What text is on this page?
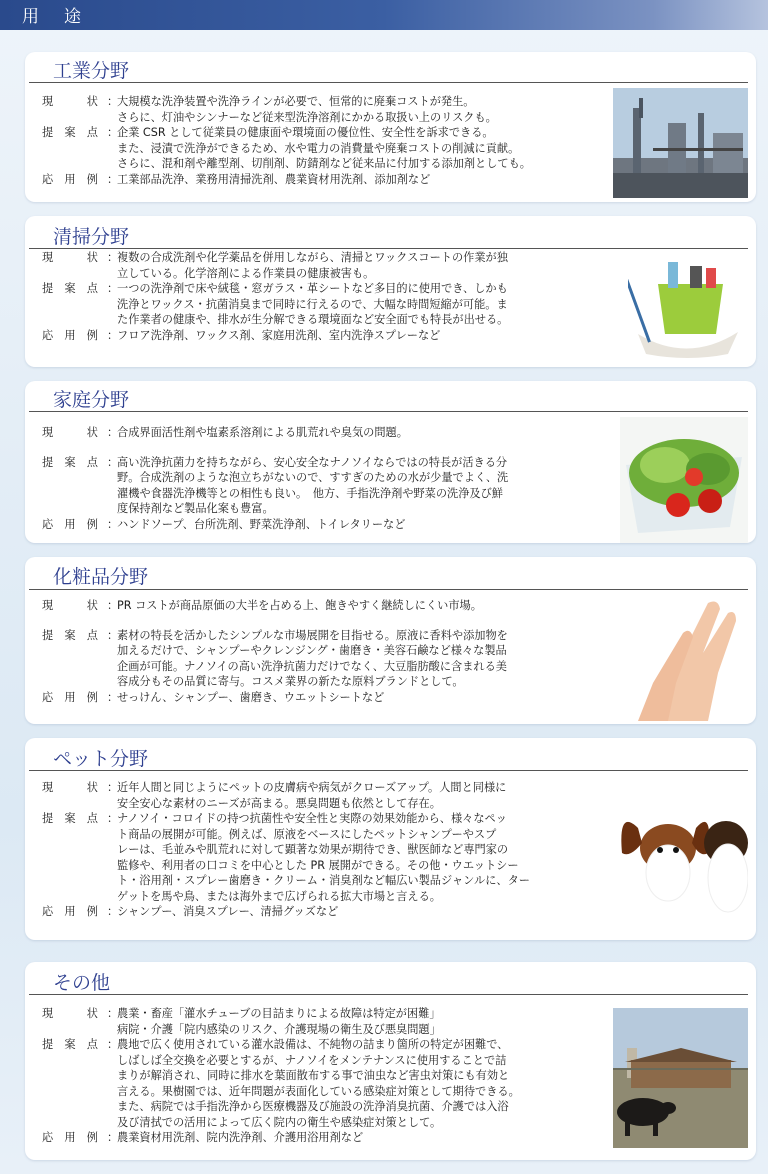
用　途
工業分野
現　　　状 ：
大規模な洗浄装置や洗浄ラインが必要で、恒常的に廃棄コストが発生。
さらに、灯油やシンナーなど従来型洗浄溶剤にかかる取扱い上のリスクも。
提　案　点 ：
企業 CSR として従業員の健康面や環境面の優位性、安全性を訴求できる。
また、浸漬で洗浄ができるため、水や電力の消費量や廃棄コストの削減に貢献。
さらに、混和剤や離型剤、切削剤、防錆剤など従来品に付加する添加剤としても。
応　用　例 ：
工業部品洗浄、業務用清掃洗剤、農業資材用洗剤、添加剤など
清掃分野
現　　　状 ：
複数の合成洗剤や化学薬品を併用しながら、清掃とワックスコートの作業が独
立している。化学溶剤による作業員の健康被害も。
提　案　点 ：
一つの洗浄剤で床や絨毯・窓ガラス・革シートなど多目的に使用でき、しかも
洗浄とワックス・抗菌消臭まで同時に行えるので、大幅な時間短縮が可能。ま
た作業者の健康や、排水が生分解できる環境面など安全面でも特長が出せる。
応　用　例 ：
フロア洗浄剤、ワックス剤、家庭用洗剤、室内洗浄スプレーなど
家庭分野
現　　　状 ：
合成界面活性剤や塩素系溶剤による肌荒れや臭気の問題。
提　案　点 ：
高い洗浄抗菌力を持ちながら、安心安全なナノソイならではの特長が活きる分
野。合成洗剤のような泡立ちがないので、すすぎのための水が少量でよく、洗
濯機や食器洗浄機等との相性も良い。　他方、手指洗浄剤や野菜の洗浄及び鮮
度保持剤など製品化案も豊富。
応　用　例 ：
ハンドソープ、台所洗剤、野菜洗浄剤、トイレタリーなど
化粧品分野
現　　　状 ：
PR コストが商品原価の大半を占める上、飽きやすく継続しにくい市場。
提　案　点 ：
素材の特長を活かしたシンプルな市場展開を目指せる。原液に香料や添加物を
加えるだけで、シャンプーやクレンジング・歯磨き・美容石鹸など様々な製品
企画が可能。ナノソイの高い洗浄抗菌力だけでなく、大豆脂肪酸に含まれる美
容成分もその品質に寄与。コスメ業界の新たな原料ブランドとして。
応　用　例 ：
せっけん、シャンプー、歯磨き、ウエットシートなど
ペット分野
現　　　状 ：
近年人間と同じようにペットの皮膚病や病気がクローズアップ。人間と同様に
安全安心な素材のニーズが高まる。悪臭問題も依然として存在。
提　案　点 ：
ナノソイ・コロイドの持つ抗菌性や安全性と実際の効果効能から、様々なペッ
ト商品の展開が可能。例えば、原液をベースにしたペットシャンプーやスプ
レーは、毛並みや肌荒れに対して顕著な効果が期待でき、獣医師など専門家の
監修や、利用者の口コミを中心とした PR 展開ができる。その他・ウエットシー
ト・浴用剤・スプレー歯磨き・クリーム・消臭剤など幅広い製品ジャンルに、ター
ゲットを馬や鳥、または海外まで広げられる拡大市場と言える。
応　用　例 ：
シャンプー、消臭スプレー、清掃グッズなど
その他
現　　　状 ：
農業・畜産「灌水チューブの目詰まりによる故障は特定が困難」
病院・介護「院内感染のリスク、介護現場の衛生及び悪臭問題」
提　案　点 ：
農地で広く使用されている灌水設備は、不純物の詰まり箇所の特定が困難で、
しばしば全交換を必要とするが、ナノソイをメンテナンスに使用することで詰
まりが解消され、同時に排水を葉面散布する事で油虫など害虫対策にも有効と
言える。果樹園では、近年問題が表面化している感染症対策として期待できる。
また、病院では手指洗浄から医療機器及び施設の洗浄消臭抗菌、介護では入浴
及び清拭での活用によって広く院内の衛生や感染症対策として。
応　用　例 ：
農業資材用洗剤、院内洗浄剤、介護用浴用剤など
